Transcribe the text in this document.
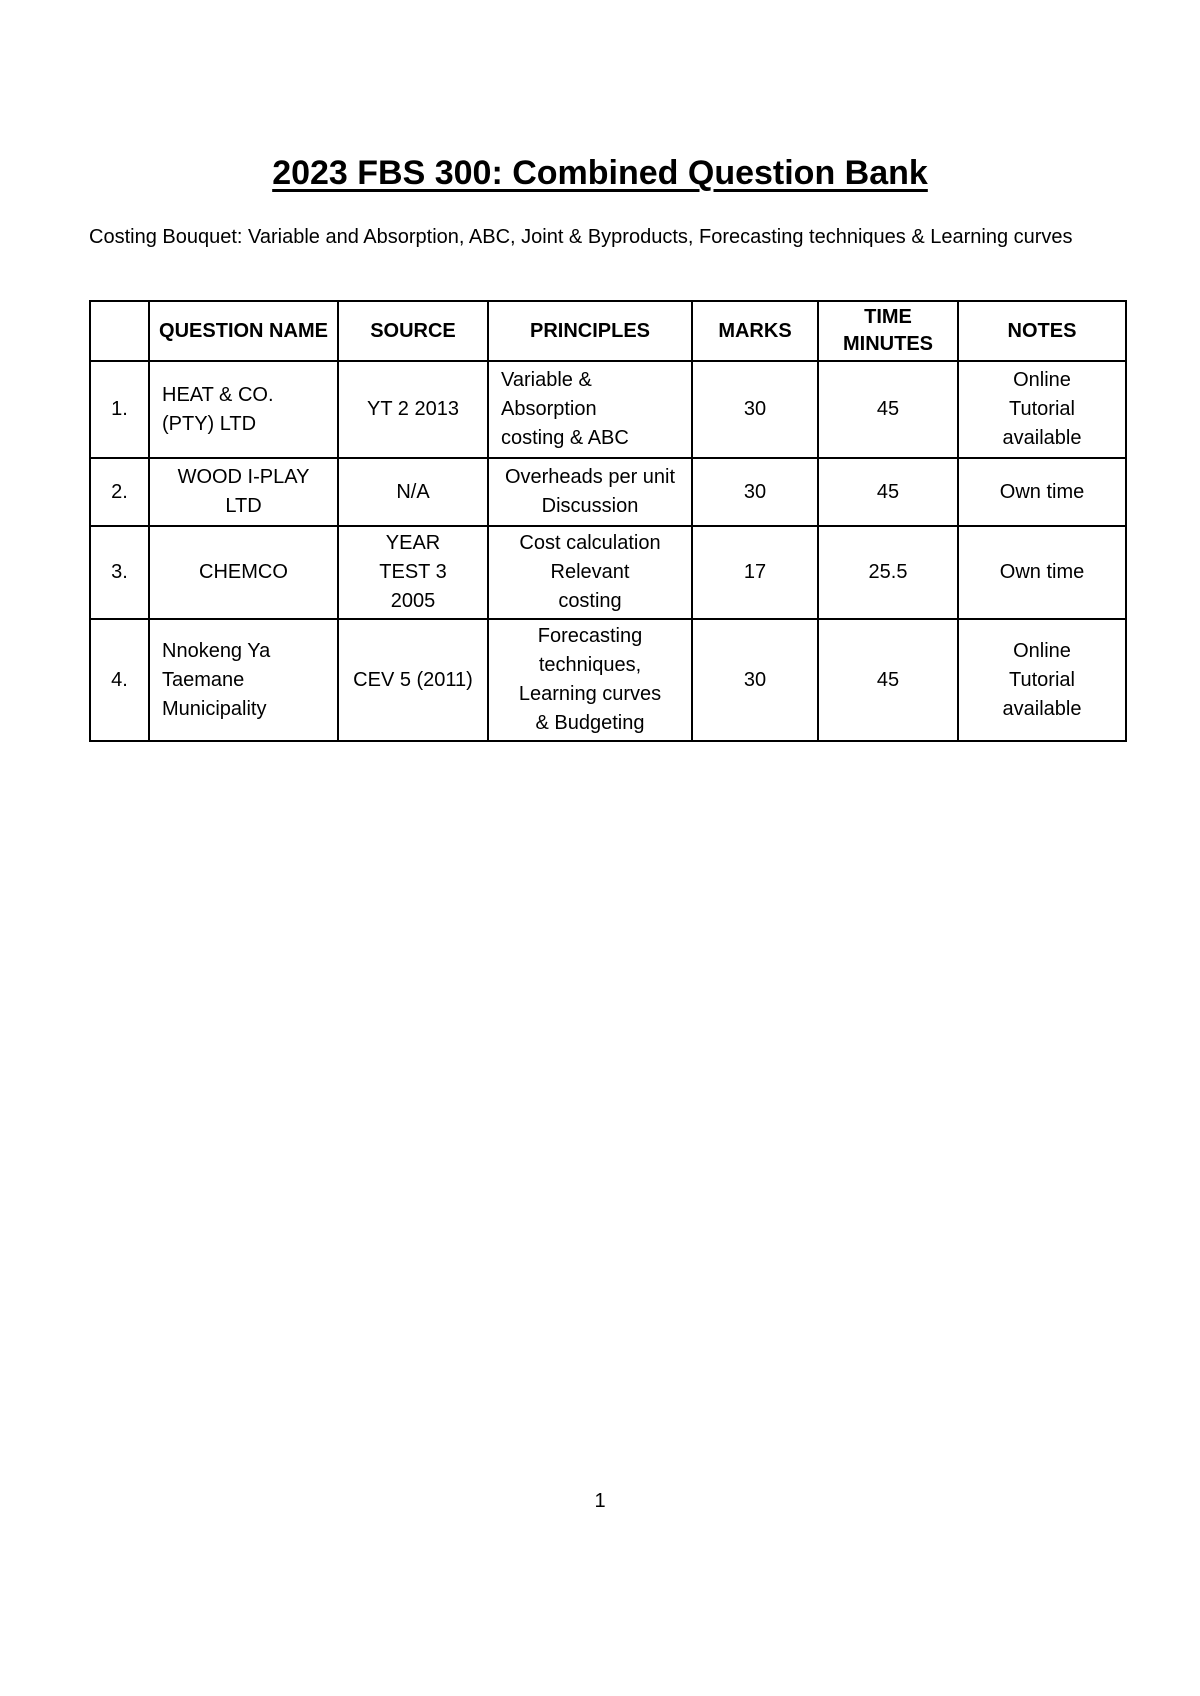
2023 FBS 300: Combined Question Bank

Costing Bouquet: Variable and Absorption, ABC, Joint & Byproducts, Forecasting techniques & Learning curves

	QUESTION NAME	SOURCE	PRINCIPLES	MARKS	TIME MINUTES	NOTES
1.	HEAT & CO.
(PTY) LTD	YT 2 2013	Variable &
Absorption
costing & ABC	30	45	Online
Tutorial
available

2.	WOOD I-PLAY
LTD	N/A	Overheads per unit
Discussion	30	45	Own time

3.	CHEMCO	YEAR
TEST 3
2005	Cost calculation
Relevant
costing	17	25.5	Own time

4.	Nnokeng Ya
Taemane
Municipality	CEV 5 (2011)	Forecasting
techniques,
Learning curves
& Budgeting	30	45	Online
Tutorial
available
1
